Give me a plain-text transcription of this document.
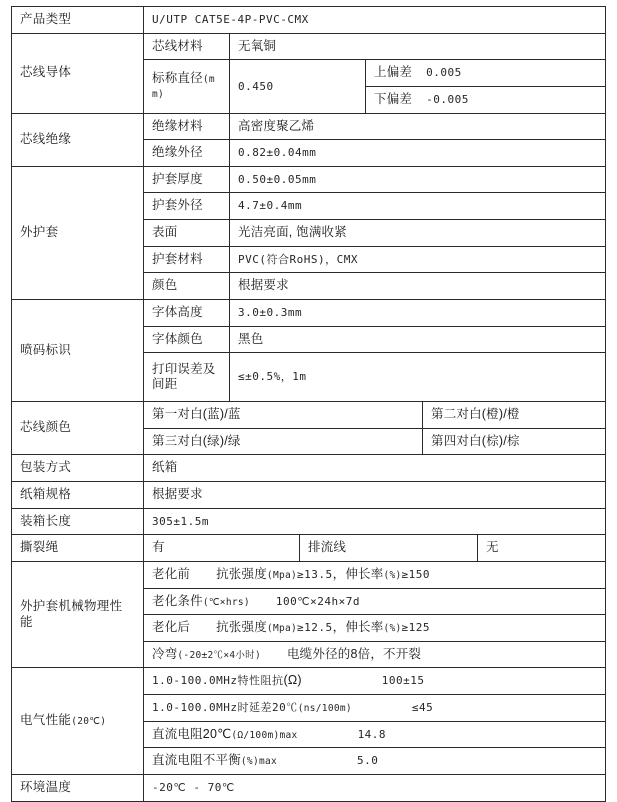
产品类型	U/UTP CAT5E-4P-PVC-CMX					
芯线导体	芯线材料	无氧铜				
	标称直径(mm)	0.450		上偏差 0.005		
				下偏差 -0.005		
芯线绝缘	绝缘材料	高密度聚乙烯				
	绝缘外径	0.82±0.04mm				
外护套	护套厚度	0.50±0.05mm				
	护套外径	4.7±0.4mm				
	表面	光洁亮面, 饱满收紧				
	护套材料	PVC(符合RoHS)，CMX				
	颜色	根据要求				
喷码标识	字体高度	3.0±0.3mm				
	字体颜色	黑色				
	打印误差及间距	≤±0.5%，1m				
芯线颜色	第一对白(蓝)/蓝				第二对白(橙)/橙	
	第三对白(绿)/绿				第四对白(棕)/棕	
包装方式	纸箱					
纸箱规格	根据要求					
装箱长度	305±1.5m					
撕裂绳	有		排流线			无
外护套机械物理性能	老化前 抗张强度(Mpa)≥13.5，伸长率(%)≥150					
	老化条件(℃×hrs) 100℃×24h×7d					
	老化后 抗张强度(Mpa)≥12.5，伸长率(%)≥125					
	冷弯(-20±2℃×4小时) 电缆外径的8倍，不开裂					
电气性能(20℃)	1.0-100.0MHz特性阻抗(Ω) 100±15					
	1.0-100.0MHz时延差20℃(ns/100m) ≤45					
	直流电阻20℃(Ω/100m)max 14.8					
	直流电阻不平衡(%)max 5.0					
环境温度	-20℃ - 70℃					
